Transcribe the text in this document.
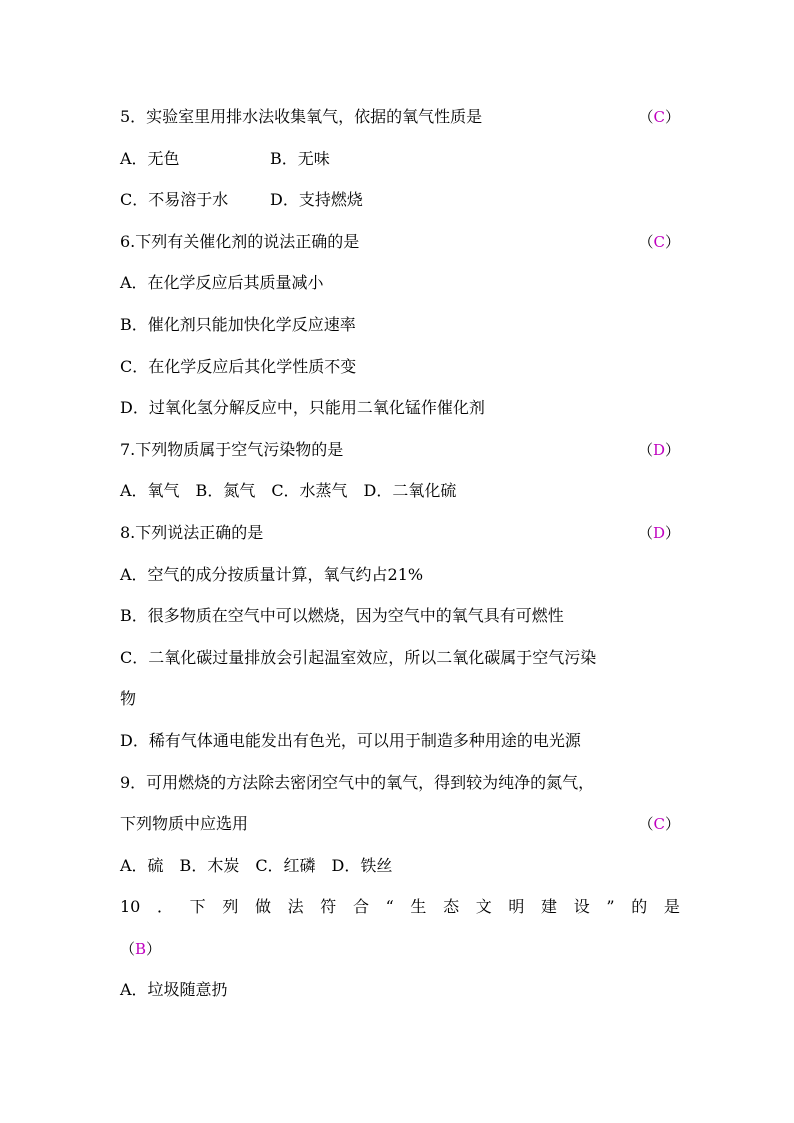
5．实验室里用排水法收集氧气，依据的氧气性质是	（C）
A．无色	B．无味
C．不易溶于水	D．支持燃烧
6.下列有关催化剂的说法正确的是	（C）
A．在化学反应后其质量减小
B．催化剂只能加快化学反应速率
C．在化学反应后其化学性质不变
D．过氧化氢分解反应中，只能用二氧化锰作催化剂
7.下列物质属于空气污染物的是	（D）
A．氧气　B．氮气　C．水蒸气　D．二氧化硫
8.下列说法正确的是	（D）
A．空气的成分按质量计算，氧气约占21%
B．很多物质在空气中可以燃烧，因为空气中的氧气具有可燃性
C．二氧化碳过量排放会引起温室效应，所以二氧化碳属于空气污染
物
D．稀有气体通电能发出有色光，可以用于制造多种用途的电光源
9．可用燃烧的方法除去密闭空气中的氧气，得到较为纯净的氮气，
下列物质中应选用	（C）
A．硫　B．木炭　C．红磷　D．铁丝
10 ． 下 列 做 法 符 合 “ 生 态 文 明 建 设 ” 的 是
（B）
A．垃圾随意扔
